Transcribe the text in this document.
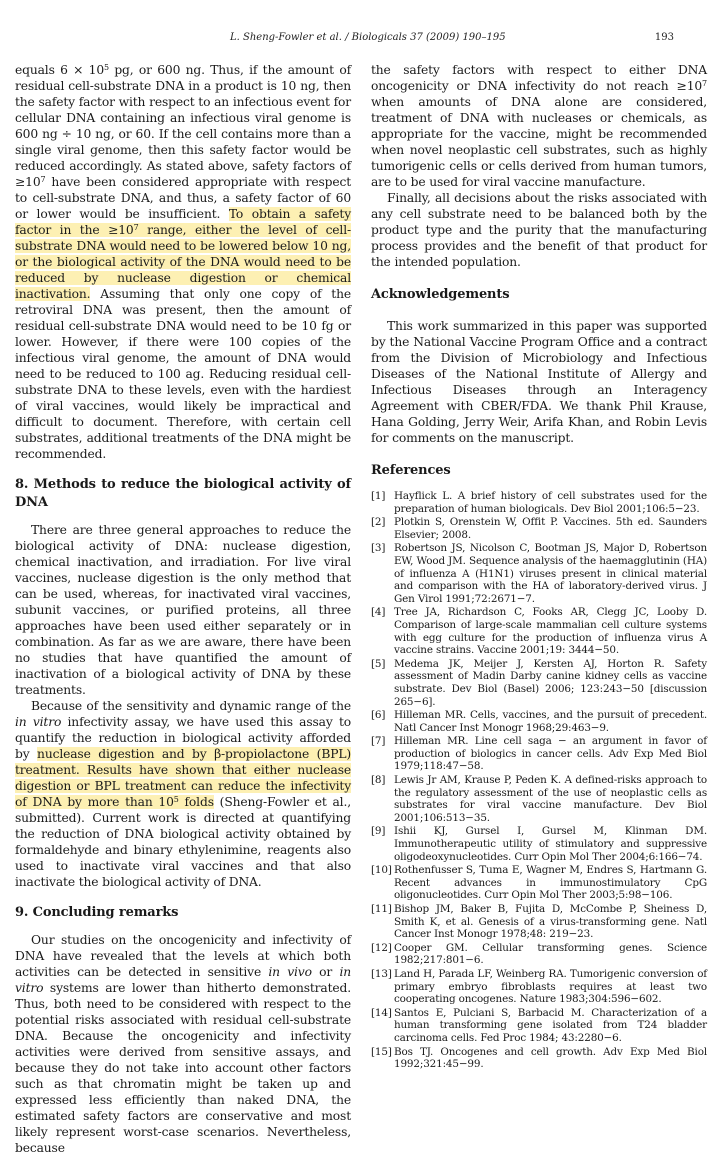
L. Sheng-Fowler et al. / Biologicals 37 (2009) 190–195	193

equals $6 \times 10^5$ pg, or 600 ng. Thus, if the amount of residual cell-substrate DNA in a product is 10 ng, then the safety factor with respect to an infectious event for cellular DNA containing an infectious viral genome is 600 ng ÷ 10 ng, or 60. If the cell contains more than a single viral genome, then this safety factor would be reduced accordingly. As stated above, safety factors of $\ge 10^7$ have been considered appropriate with respect to cell-substrate DNA, and thus, a safety factor of 60 or lower would be insufficient. To obtain a safety factor in the $\ge 10^7$ range, either the level of cell-substrate DNA would need to be lowered below 10 ng, or the biological activity of the DNA would need to be reduced by nuclease digestion or chemical inactivation. Assuming that only one copy of the retroviral DNA was present, then the amount of residual cell-substrate DNA would need to be 10 fg or lower. However, if there were 100 copies of the infectious viral genome, the amount of DNA would need to be reduced to 100 ag. Reducing residual cell-substrate DNA to these levels, even with the hardiest of viral vaccines, would likely be impractical and difficult to document. Therefore, with certain cell substrates, additional treatments of the DNA might be recommended.

8. Methods to reduce the biological activity of DNA

There are three general approaches to reduce the biological activity of DNA: nuclease digestion, chemical inactivation, and irradiation. For live viral vaccines, nuclease digestion is the only method that can be used, whereas, for inactivated viral vaccines, subunit vaccines, or purified proteins, all three approaches have been used either separately or in combination. As far as we are aware, there have been no studies that have quantified the amount of inactivation of a biological activity of DNA by these treatments.

Because of the sensitivity and dynamic range of the in vitro infectivity assay, we have used this assay to quantify the reduction in biological activity afforded by nuclease digestion and by β-propiolactone (BPL) treatment. Results have shown that either nuclease digestion or BPL treatment can reduce the infectivity of DNA by more than $10^5$ folds (Sheng-Fowler et al., submitted). Current work is directed at quantifying the reduction of DNA biological activity obtained by formaldehyde and binary ethylenimine, reagents also used to inactivate viral vaccines and that also inactivate the biological activity of DNA.

9. Concluding remarks

Our studies on the oncogenicity and infectivity of DNA have revealed that the levels at which both activities can be detected in sensitive in vivo or in vitro systems are lower than hitherto demonstrated. Thus, both need to be considered with respect to the potential risks associated with residual cell-substrate DNA. Because the oncogenicity and infectivity activities were derived from sensitive assays, and because they do not take into account other factors such as that chromatin might be taken up and expressed less efficiently than naked DNA, the estimated safety factors are conservative and most likely represent worst-case scenarios. Nevertheless, because

the safety factors with respect to either DNA oncogenicity or DNA infectivity do not reach $\ge 10^7$ when amounts of DNA alone are considered, treatment of DNA with nucleases or chemicals, as appropriate for the vaccine, might be recommended when novel neoplastic cell substrates, such as highly tumorigenic cells or cells derived from human tumors, are to be used for viral vaccine manufacture.

Finally, all decisions about the risks associated with any cell substrate need to be balanced both by the product type and the purity that the manufacturing process provides and the benefit of that product for the intended population.

Acknowledgements

This work summarized in this paper was supported by the National Vaccine Program Office and a contract from the Division of Microbiology and Infectious Diseases of the National Institute of Allergy and Infectious Diseases through an Interagency Agreement with CBER/FDA. We thank Phil Krause, Hana Golding, Jerry Weir, Arifa Khan, and Robin Levis for comments on the manuscript.

References
[1] Hayflick L. A brief history of cell substrates used for the preparation of human biologicals. Dev Biol 2001;106:5−23.
[2] Plotkin S, Orenstein W, Offit P. Vaccines. 5th ed. Saunders Elsevier; 2008.
[3] Robertson JS, Nicolson C, Bootman JS, Major D, Robertson EW, Wood JM. Sequence analysis of the haemagglutinin (HA) of influenza A (H1N1) viruses present in clinical material and comparison with the HA of laboratory-derived virus. J Gen Virol 1991;72:2671−7.
[4] Tree JA, Richardson C, Fooks AR, Clegg JC, Looby D. Comparison of large-scale mammalian cell culture systems with egg culture for the production of influenza virus A vaccine strains. Vaccine 2001;19: 3444−50.
[5] Medema JK, Meijer J, Kersten AJ, Horton R. Safety assessment of Madin Darby canine kidney cells as vaccine substrate. Dev Biol (Basel) 2006; 123:243−50 [discussion 265−6].
[6] Hilleman MR. Cells, vaccines, and the pursuit of precedent. Natl Cancer Inst Monogr 1968;29:463−9.
[7] Hilleman MR. Line cell saga − an argument in favor of production of biologics in cancer cells. Adv Exp Med Biol 1979;118:47−58.
[8] Lewis Jr AM, Krause P, Peden K. A defined-risks approach to the regulatory assessment of the use of neoplastic cells as substrates for viral vaccine manufacture. Dev Biol 2001;106:513−35.
[9] Ishii KJ, Gursel I, Gursel M, Klinman DM. Immunotherapeutic utility of stimulatory and suppressive oligodeoxynucleotides. Curr Opin Mol Ther 2004;6:166−74.
[10] Rothenfusser S, Tuma E, Wagner M, Endres S, Hartmann G. Recent advances in immunostimulatory CpG oligonucleotides. Curr Opin Mol Ther 2003;5:98−106.
[11] Bishop JM, Baker B, Fujita D, McCombe P, Sheiness D, Smith K, et al. Genesis of a virus-transforming gene. Natl Cancer Inst Monogr 1978;48: 219−23.
[12] Cooper GM. Cellular transforming genes. Science 1982;217:801−6.
[13] Land H, Parada LF, Weinberg RA. Tumorigenic conversion of primary embryo fibroblasts requires at least two cooperating oncogenes. Nature 1983;304:596−602.
[14] Santos E, Pulciani S, Barbacid M. Characterization of a human transforming gene isolated from T24 bladder carcinoma cells. Fed Proc 1984; 43:2280−6.
[15] Bos TJ. Oncogenes and cell growth. Adv Exp Med Biol 1992;321:45−99.
